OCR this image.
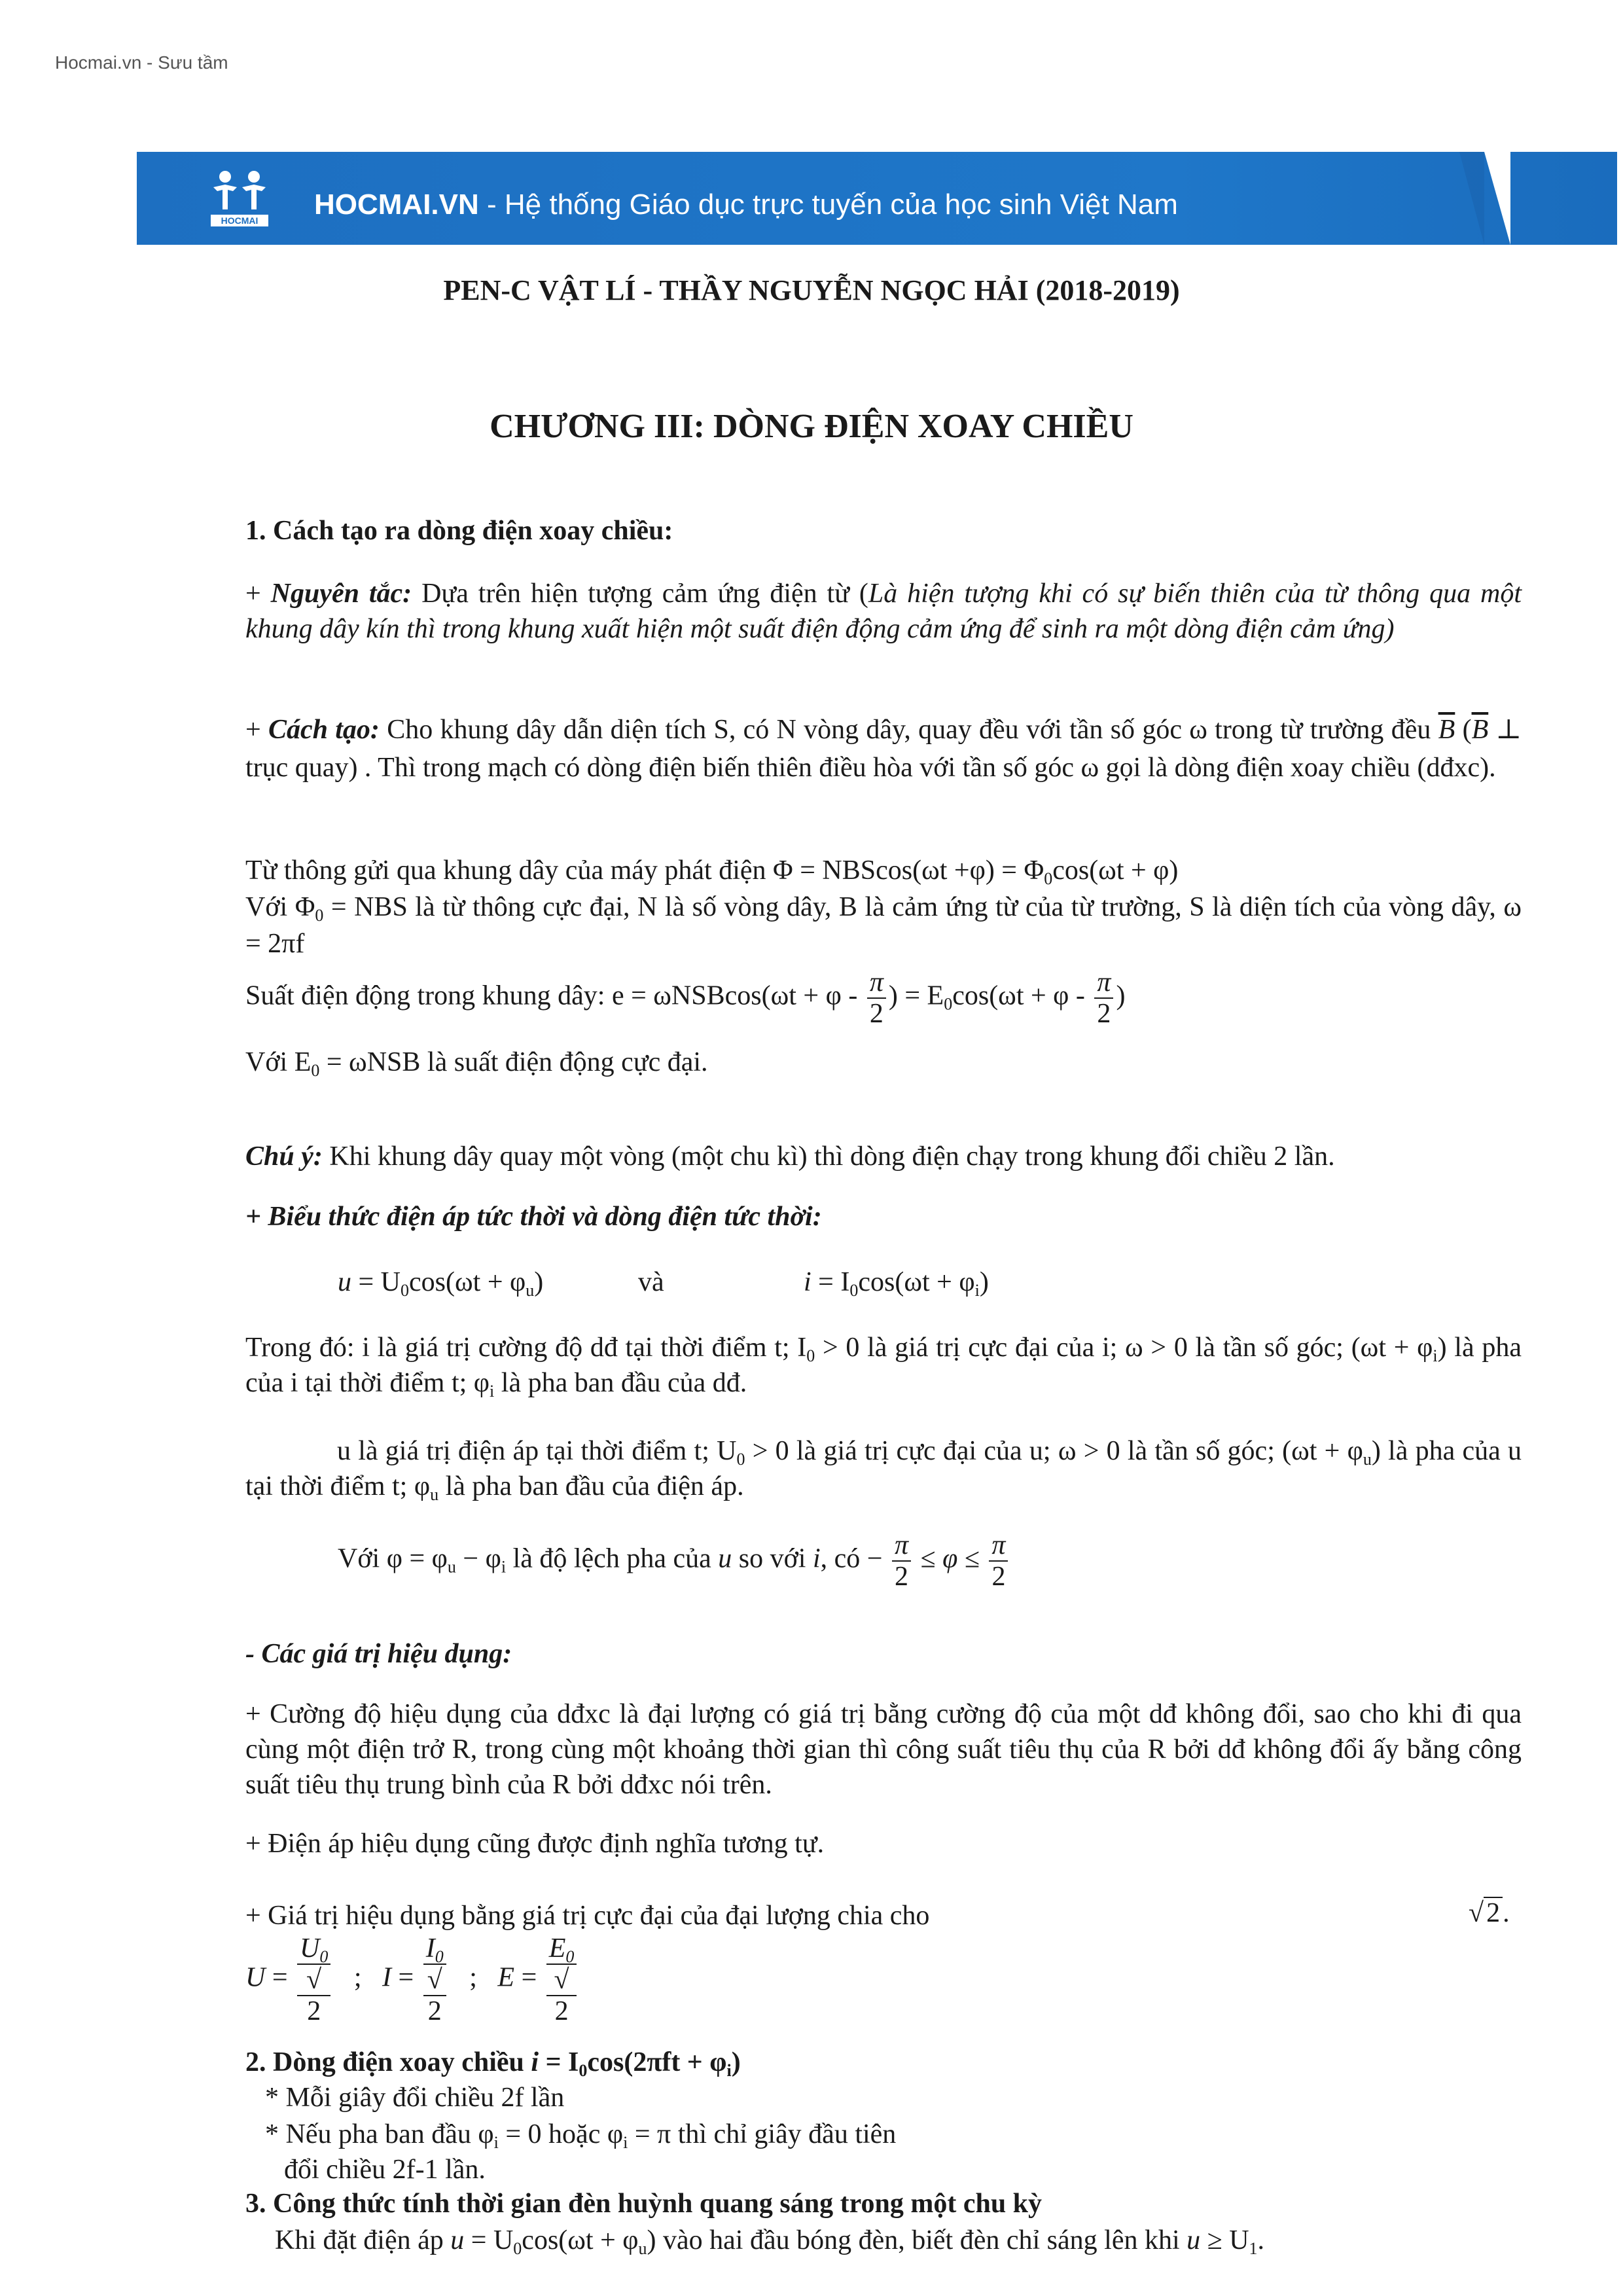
Hocmai.vn - Sưu tầm
HOCMAI HOCMAI.VN - Hệ thống Giáo dục trực tuyến của học sinh Việt Nam
PEN-C VẬT LÍ - THẦY NGUYỄN NGỌC HẢI (2018-2019)
CHƯƠNG III: DÒNG ĐIỆN XOAY CHIỀU
1. Cách tạo ra dòng điện xoay chiều:
+ Nguyên tắc: Dựa trên hiện tượng cảm ứng điện từ (Là hiện tượng khi có sự biến thiên của từ thông qua một khung dây kín thì trong khung xuất hiện một suất điện động cảm ứng để sinh ra một dòng điện cảm ứng)
+ Cách tạo: Cho khung dây dẫn diện tích S, có N vòng dây, quay đều với tần số góc ω trong từ trường đều $\overline{B}$ ($\overline{B}$ ⊥ trục quay) . Thì trong mạch có dòng điện biến thiên điều hòa với tần số góc ω gọi là dòng điện xoay chiều (dđxc).
Từ thông gửi qua khung dây của máy phát điện $\Phi = NBScos(\omega t +\varphi) = \Phi_0\cos(\omega t + \varphi)$
Với $\Phi_0$ = NBS là từ thông cực đại, N là số vòng dây, B là cảm ứng từ của từ trường, S là diện tích của vòng dây, ω = 2πf
Suất điện động trong khung dây: $e = \omega NSBcos(\omega t + \varphi - \frac{\pi}{2}$ ) = $E_0\cos(\omega t + \varphi - \frac{\pi}{2}$ )
Với $E_0 = \omega NSB$ là suất điện động cực đại.
Chú ý: Khi khung dây quay một vòng (một chu kì) thì dòng điện chạy trong khung đổi chiều 2 lần.
+ Biểu thức điện áp tức thời và dòng điện tức thời:
$u = U_0\cos(\omega t + \varphi_u)$	và	$i = I_0\cos(\omega t + \varphi_i)$
Trong đó: i là giá trị cường độ dđ tại thời điểm t; $I_0 > 0$ là giá trị cực đại của i; ω > 0 là tần số góc; $(\omega t + \varphi_i)$ là pha của i tại thời điểm t; $\varphi_i$ là pha ban đầu của dđ.
u là giá trị điện áp tại thời điểm t; $U_0 > 0$ là giá trị cực đại của u; ω > 0 là tần số góc; $(\omega t + \varphi_u)$ là pha của u tại thời điểm t; $\varphi_u$ là pha ban đầu của điện áp.
Với $\varphi = \varphi_u - \varphi_i$ là độ lệch pha của u so với i, có − $\frac{\pi}{2} \le \varphi \le \frac{\pi}{2}$
- Các giá trị hiệu dụng:
+ Cường độ hiệu dụng của dđxc là đại lượng có giá trị bằng cường độ của một dđ không đổi, sao cho khi đi qua cùng một điện trở R, trong cùng một khoảng thời gian thì công suất tiêu thụ của R bởi dđ không đổi ấy bằng công suất tiêu thụ trung bình của R bởi dđxc nói trên.
+ Điện áp hiệu dụng cũng được định nghĩa tương tự.
+ Giá trị hiệu dụng bằng giá trị cực đại của đại lượng chia cho	√2.
$U = U_0$
√
2 ;   $I = I_0$
√
2 ;   $E = E_0$
√
2
2. Dòng điện xoay chiều $i = I_0\cos(2\pi ft + \varphi_i)$
* Mỗi giây đổi chiều 2f lần
* Nếu pha ban đầu $\varphi_i = 0$ hoặc $\varphi_i = \pi$ thì chỉ giây đầu tiên
đổi chiều 2f-1 lần.
3. Công thức tính thời gian đèn huỳnh quang sáng trong một chu kỳ
Khi đặt điện áp $u = U_0\cos(\omega t + \varphi_u)$ vào hai đầu bóng đèn, biết đèn chỉ sáng lên khi $u \ge U_1$.
